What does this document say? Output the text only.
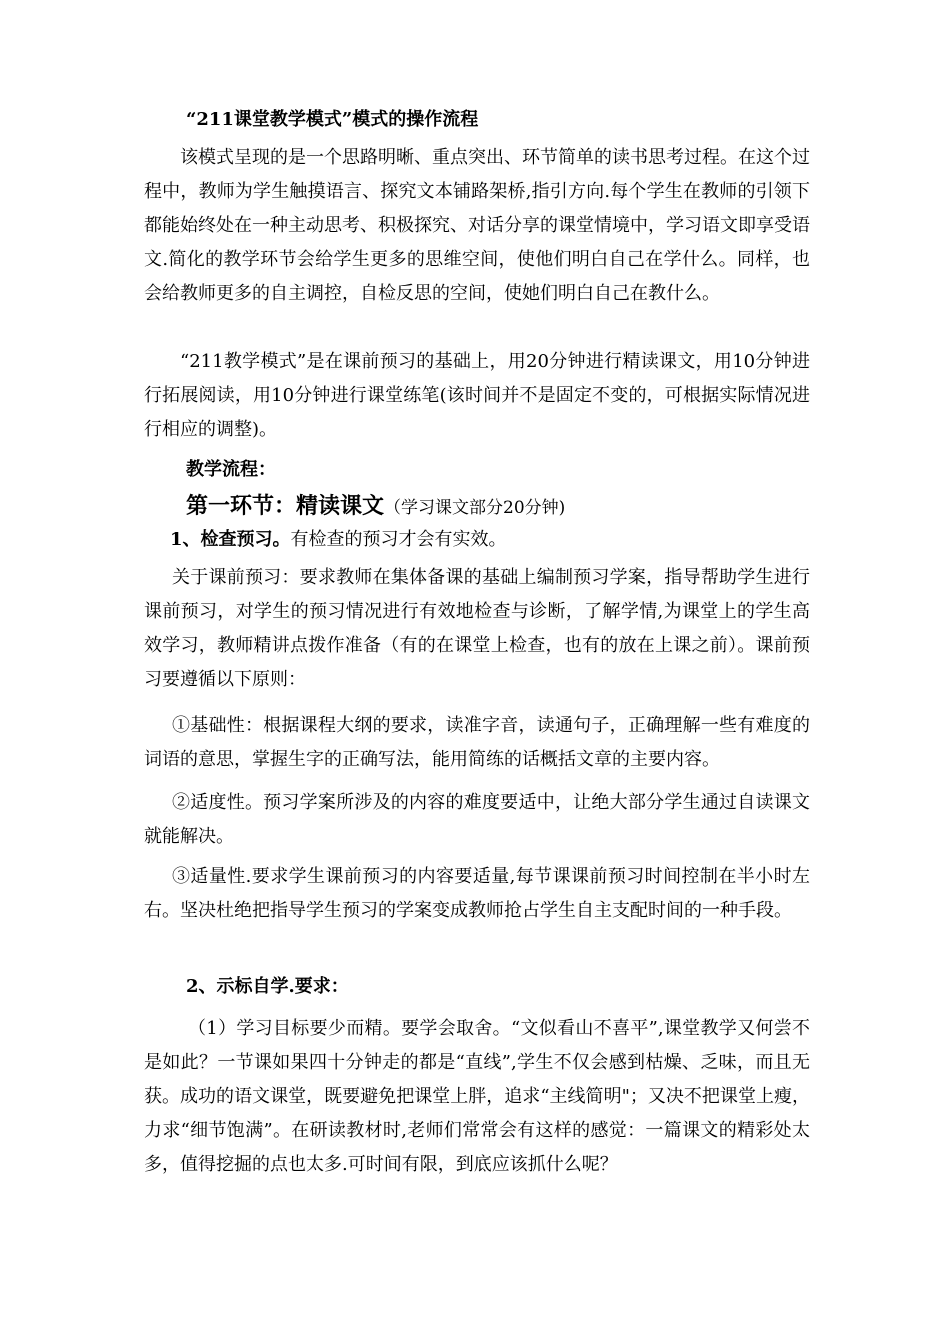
“211课堂教学模式”模式的操作流程
该模式呈现的是一个思路明晰、重点突出、环节简单的读书思考过程。在这个过程中，教师为学生触摸语言、探究文本铺路架桥,指引方向.每个学生在教师的引领下都能始终处在一种主动思考、积极探究、对话分享的课堂情境中，学习语文即享受语文.简化的教学环节会给学生更多的思维空间，使他们明白自己在学什么。同样，也会给教师更多的自主调控，自检反思的空间，使她们明白自己在教什么。
“211教学模式”是在课前预习的基础上，用20分钟进行精读课文，用10分钟进行拓展阅读，用10分钟进行课堂练笔(该时间并不是固定不变的，可根据实际情况进行相应的调整)。
教学流程：
第一环节：精读课文（学习课文部分20分钟)
1、检查预习。有检查的预习才会有实效。
关于课前预习：要求教师在集体备课的基础上编制预习学案，指导帮助学生进行课前预习，对学生的预习情况进行有效地检查与诊断，了解学情,为课堂上的学生高效学习，教师精讲点拨作准备（有的在课堂上检查，也有的放在上课之前）。课前预习要遵循以下原则：
①基础性：根据课程大纲的要求，读准字音，读通句子，正确理解一些有难度的词语的意思，掌握生字的正确写法，能用简练的话概括文章的主要内容。
②适度性。预习学案所涉及的内容的难度要适中，让绝大部分学生通过自读课文就能解决。
③适量性.要求学生课前预习的内容要适量,每节课课前预习时间控制在半小时左右。坚决杜绝把指导学生预习的学案变成教师抢占学生自主支配时间的一种手段。
2、示标自学.要求：
（1）学习目标要少而精。要学会取舍。“文似看山不喜平”,课堂教学又何尝不是如此？一节课如果四十分钟走的都是“直线”,学生不仅会感到枯燥、乏味，而且无获。成功的语文课堂，既要避免把课堂上胖，追求“主线简明"；又决不把课堂上瘦，力求“细节饱满”。在研读教材时,老师们常常会有这样的感觉：一篇课文的精彩处太多，值得挖掘的点也太多.可时间有限，到底应该抓什么呢？
